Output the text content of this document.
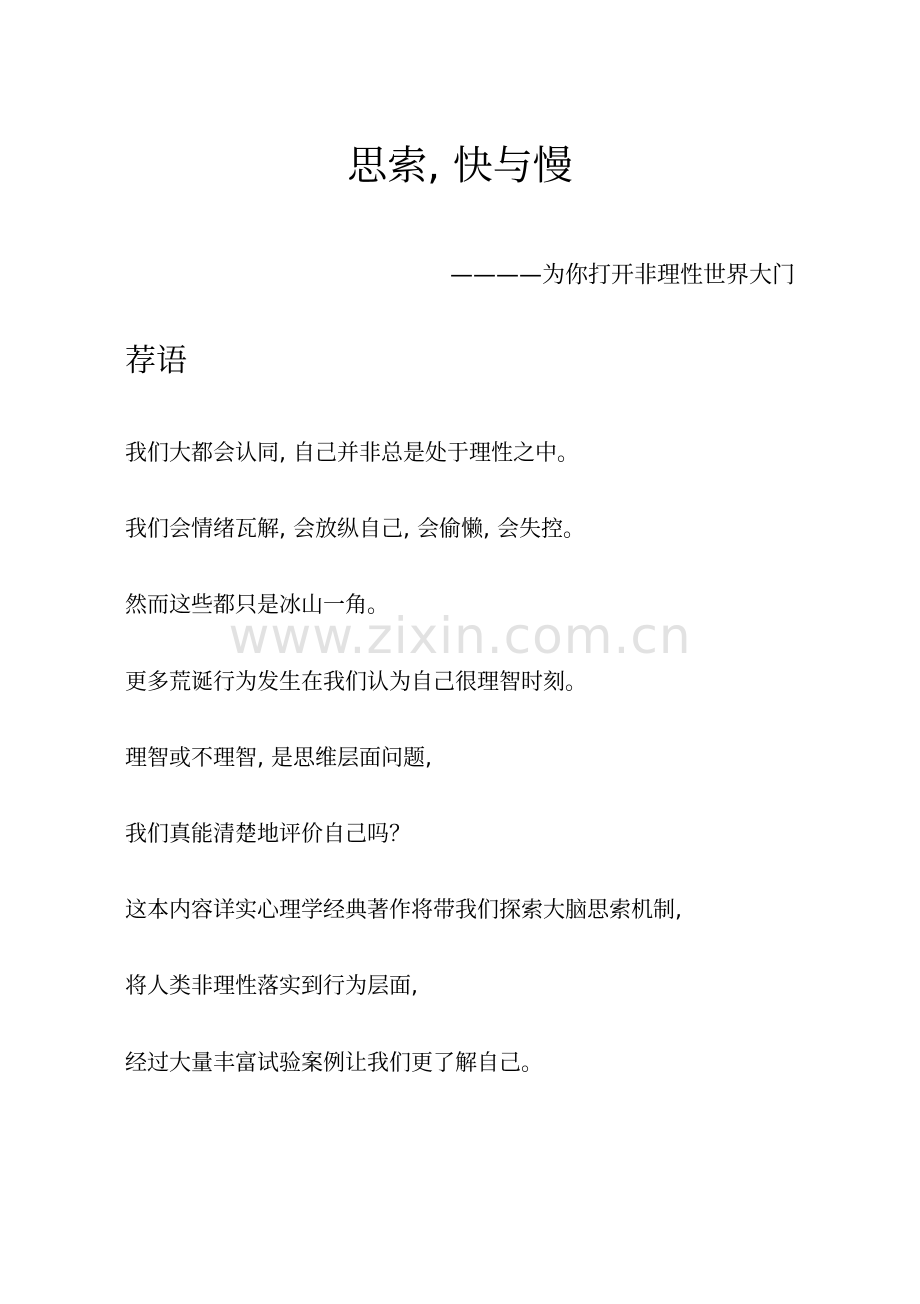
思索, 快与慢

————为你打开非理性世界大门

荐语
我们大都会认同, 自己并非总是处于理性之中。
我们会情绪瓦解, 会放纵自己, 会偷懒, 会失控。
然而这些都只是冰山一角。
更多荒诞行为发生在我们认为自己很理智时刻。
理智或不理智, 是思维层面问题,
我们真能清楚地评价自己吗？
这本内容详实心理学经典著作将带我们探索大脑思索机制,
将人类非理性落实到行为层面,
经过大量丰富试验案例让我们更了解自己。
www.zixin.com.cn
